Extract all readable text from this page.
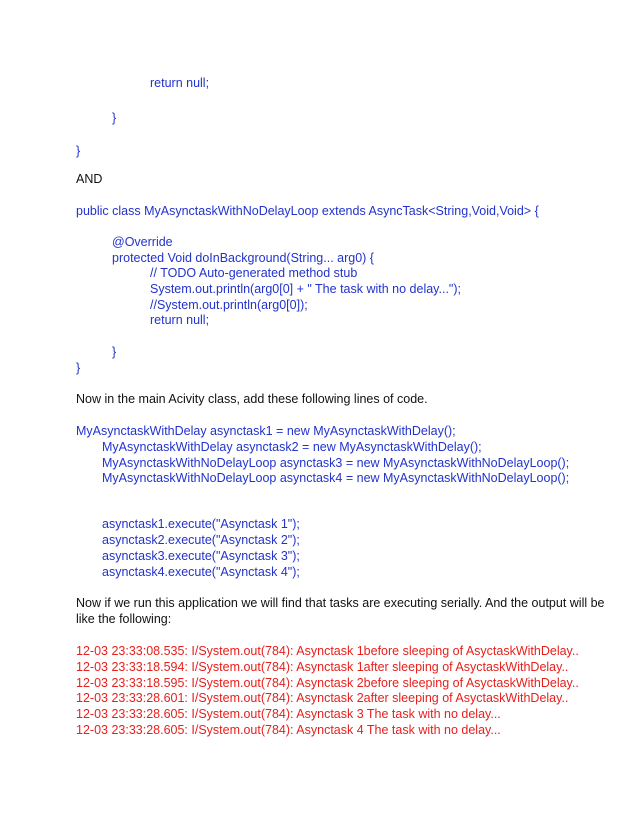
return null;
}
}
AND
public class MyAsynctaskWithNoDelayLoop extends AsyncTask<String,Void,Void> {
@Override
protected Void doInBackground(String... arg0) {
// TODO Auto-generated method stub
System.out.println(arg0[0] + " The task with no delay...");
//System.out.println(arg0[0]);
return null;
}
}
Now in the main Acivity class, add these following lines of code.
MyAsynctaskWithDelay asynctask1 = new MyAsynctaskWithDelay();
MyAsynctaskWithDelay asynctask2 = new MyAsynctaskWithDelay();
MyAsynctaskWithNoDelayLoop asynctask3 = new MyAsynctaskWithNoDelayLoop();
MyAsynctaskWithNoDelayLoop asynctask4 = new MyAsynctaskWithNoDelayLoop();
asynctask1.execute("Asynctask 1");
asynctask2.execute("Asynctask 2");
asynctask3.execute("Asynctask 3");
asynctask4.execute("Asynctask 4");
Now if we run this application we will find that tasks are executing serially. And the output will be
like the following:
12-03 23:33:08.535: I/System.out(784): Asynctask 1before sleeping of AsyctaskWithDelay..
12-03 23:33:18.594: I/System.out(784): Asynctask 1after sleeping of AsyctaskWithDelay..
12-03 23:33:18.595: I/System.out(784): Asynctask 2before sleeping of AsyctaskWithDelay..
12-03 23:33:28.601: I/System.out(784): Asynctask 2after sleeping of AsyctaskWithDelay..
12-03 23:33:28.605: I/System.out(784): Asynctask 3 The task with no delay...
12-03 23:33:28.605: I/System.out(784): Asynctask 4 The task with no delay...
